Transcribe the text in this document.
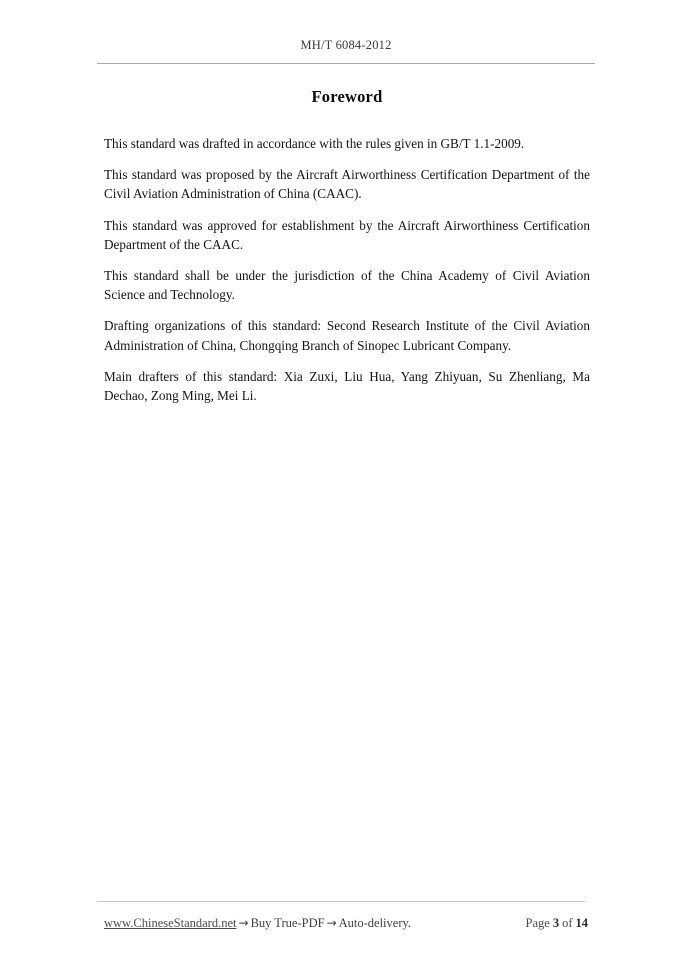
MH/T 6084-2012
Foreword

This standard was drafted in accordance with the rules given in GB/T 1.1-2009.

This standard was proposed by the Aircraft Airworthiness Certification Department of the Civil Aviation Administration of China (CAAC).

This standard was approved for establishment by the Aircraft Airworthiness Certification Department of the CAAC.

This standard shall be under the jurisdiction of the China Academy of Civil Aviation Science and Technology.

Drafting organizations of this standard: Second Research Institute of the Civil Aviation Administration of China, Chongqing Branch of Sinopec Lubricant Company.

Main drafters of this standard: Xia Zuxi, Liu Hua, Yang Zhiyuan, Su Zhenliang, Ma Dechao, Zong Ming, Mei Li.

www.ChineseStandard.net → Buy True-PDF → Auto-delivery.	Page 3 of 14
